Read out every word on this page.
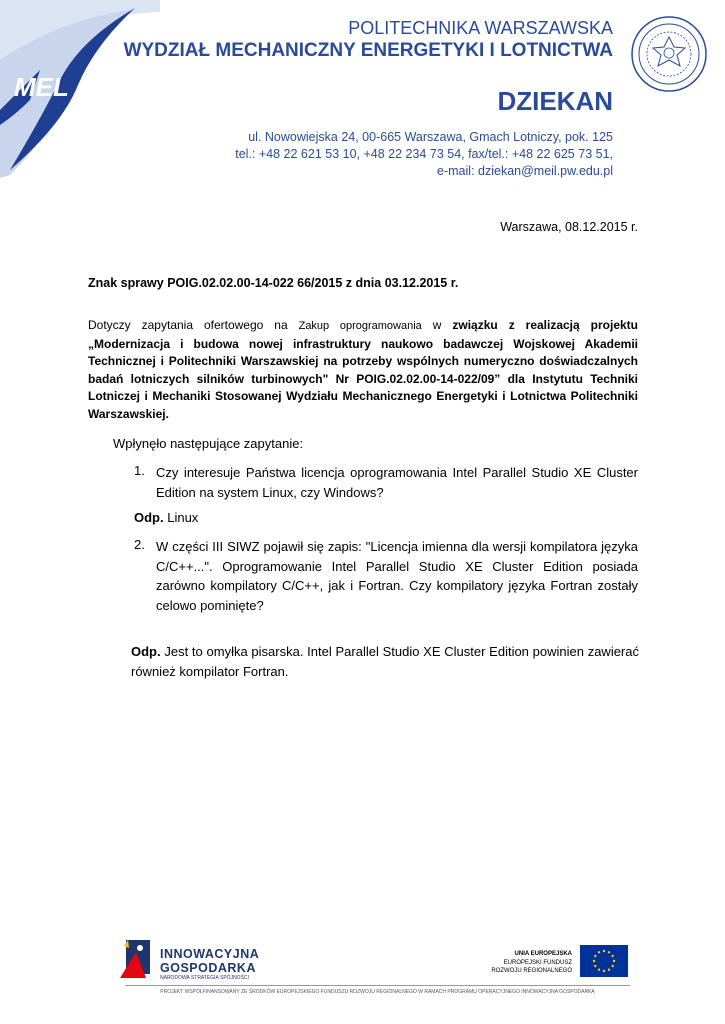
MEL
POLITECHNIKA WARSZAWSKA
WYDZIAŁ MECHANICZNY ENERGETYKI I LOTNICTWA
DZIEKAN
ul. Nowowiejska 24, 00-665 Warszawa, Gmach Lotniczy, pok. 125
tel.: +48 22 621 53 10, +48 22 234 73 54, fax/tel.: +48 22 625 73 51,
e-mail: dziekan@meil.pw.edu.pl
Warszawa, 08.12.2015 r.
Znak sprawy POIG.02.02.00-14-022 66/2015 z dnia 03.12.2015 r.
Dotyczy zapytania ofertowego na Zakup oprogramowania w związku z realizacją projektu „Modernizacja i budowa nowej infrastruktury naukowo badawczej Wojskowej Akademii Technicznej i Politechniki Warszawskiej na potrzeby wspólnych numeryczno doświadczalnych badań lotniczych silników turbinowych" Nr POIG.02.02.00-14-022/09” dla Instytutu Techniki Lotniczej i Mechaniki Stosowanej Wydziału Mechanicznego Energetyki i Lotnictwa Politechniki Warszawskiej.
Wpłynęło następujące zapytanie:
1. Czy interesuje Państwa licencja oprogramowania Intel Parallel Studio XE Cluster Edition na system Linux, czy Windows?
Odp. Linux
2. W części III SIWZ pojawił się zapis: "Licencja imienna dla wersji kompilatora języka C/C++...". Oprogramowanie Intel Parallel Studio XE Cluster Edition posiada zarówno kompilatory C/C++, jak i Fortran. Czy kompilatory języka Fortran zostały celowo pominięte?
Odp. Jest to omyłka pisarska. Intel Parallel Studio XE Cluster Edition powinien zawierać również kompilator Fortran.
INNOWACYJNA
GOSPODARKA
NARODOWA STRATEGIA SPÓJNOŚCI
UNIA EUROPEJSKA
EUROPEJSKI FUNDUSZ
ROZWOJU REGIONALNEGO
PROJEKT WSPÓŁFINANSOWANY ZE ŚRODKÓW EUROPEJSKIEGO FUNDUSZU ROZWOJU REGIONALNEGO W RAMACH PROGRAMU OPERACYJNEGO INNOWACYJNA GOSPODARKA
